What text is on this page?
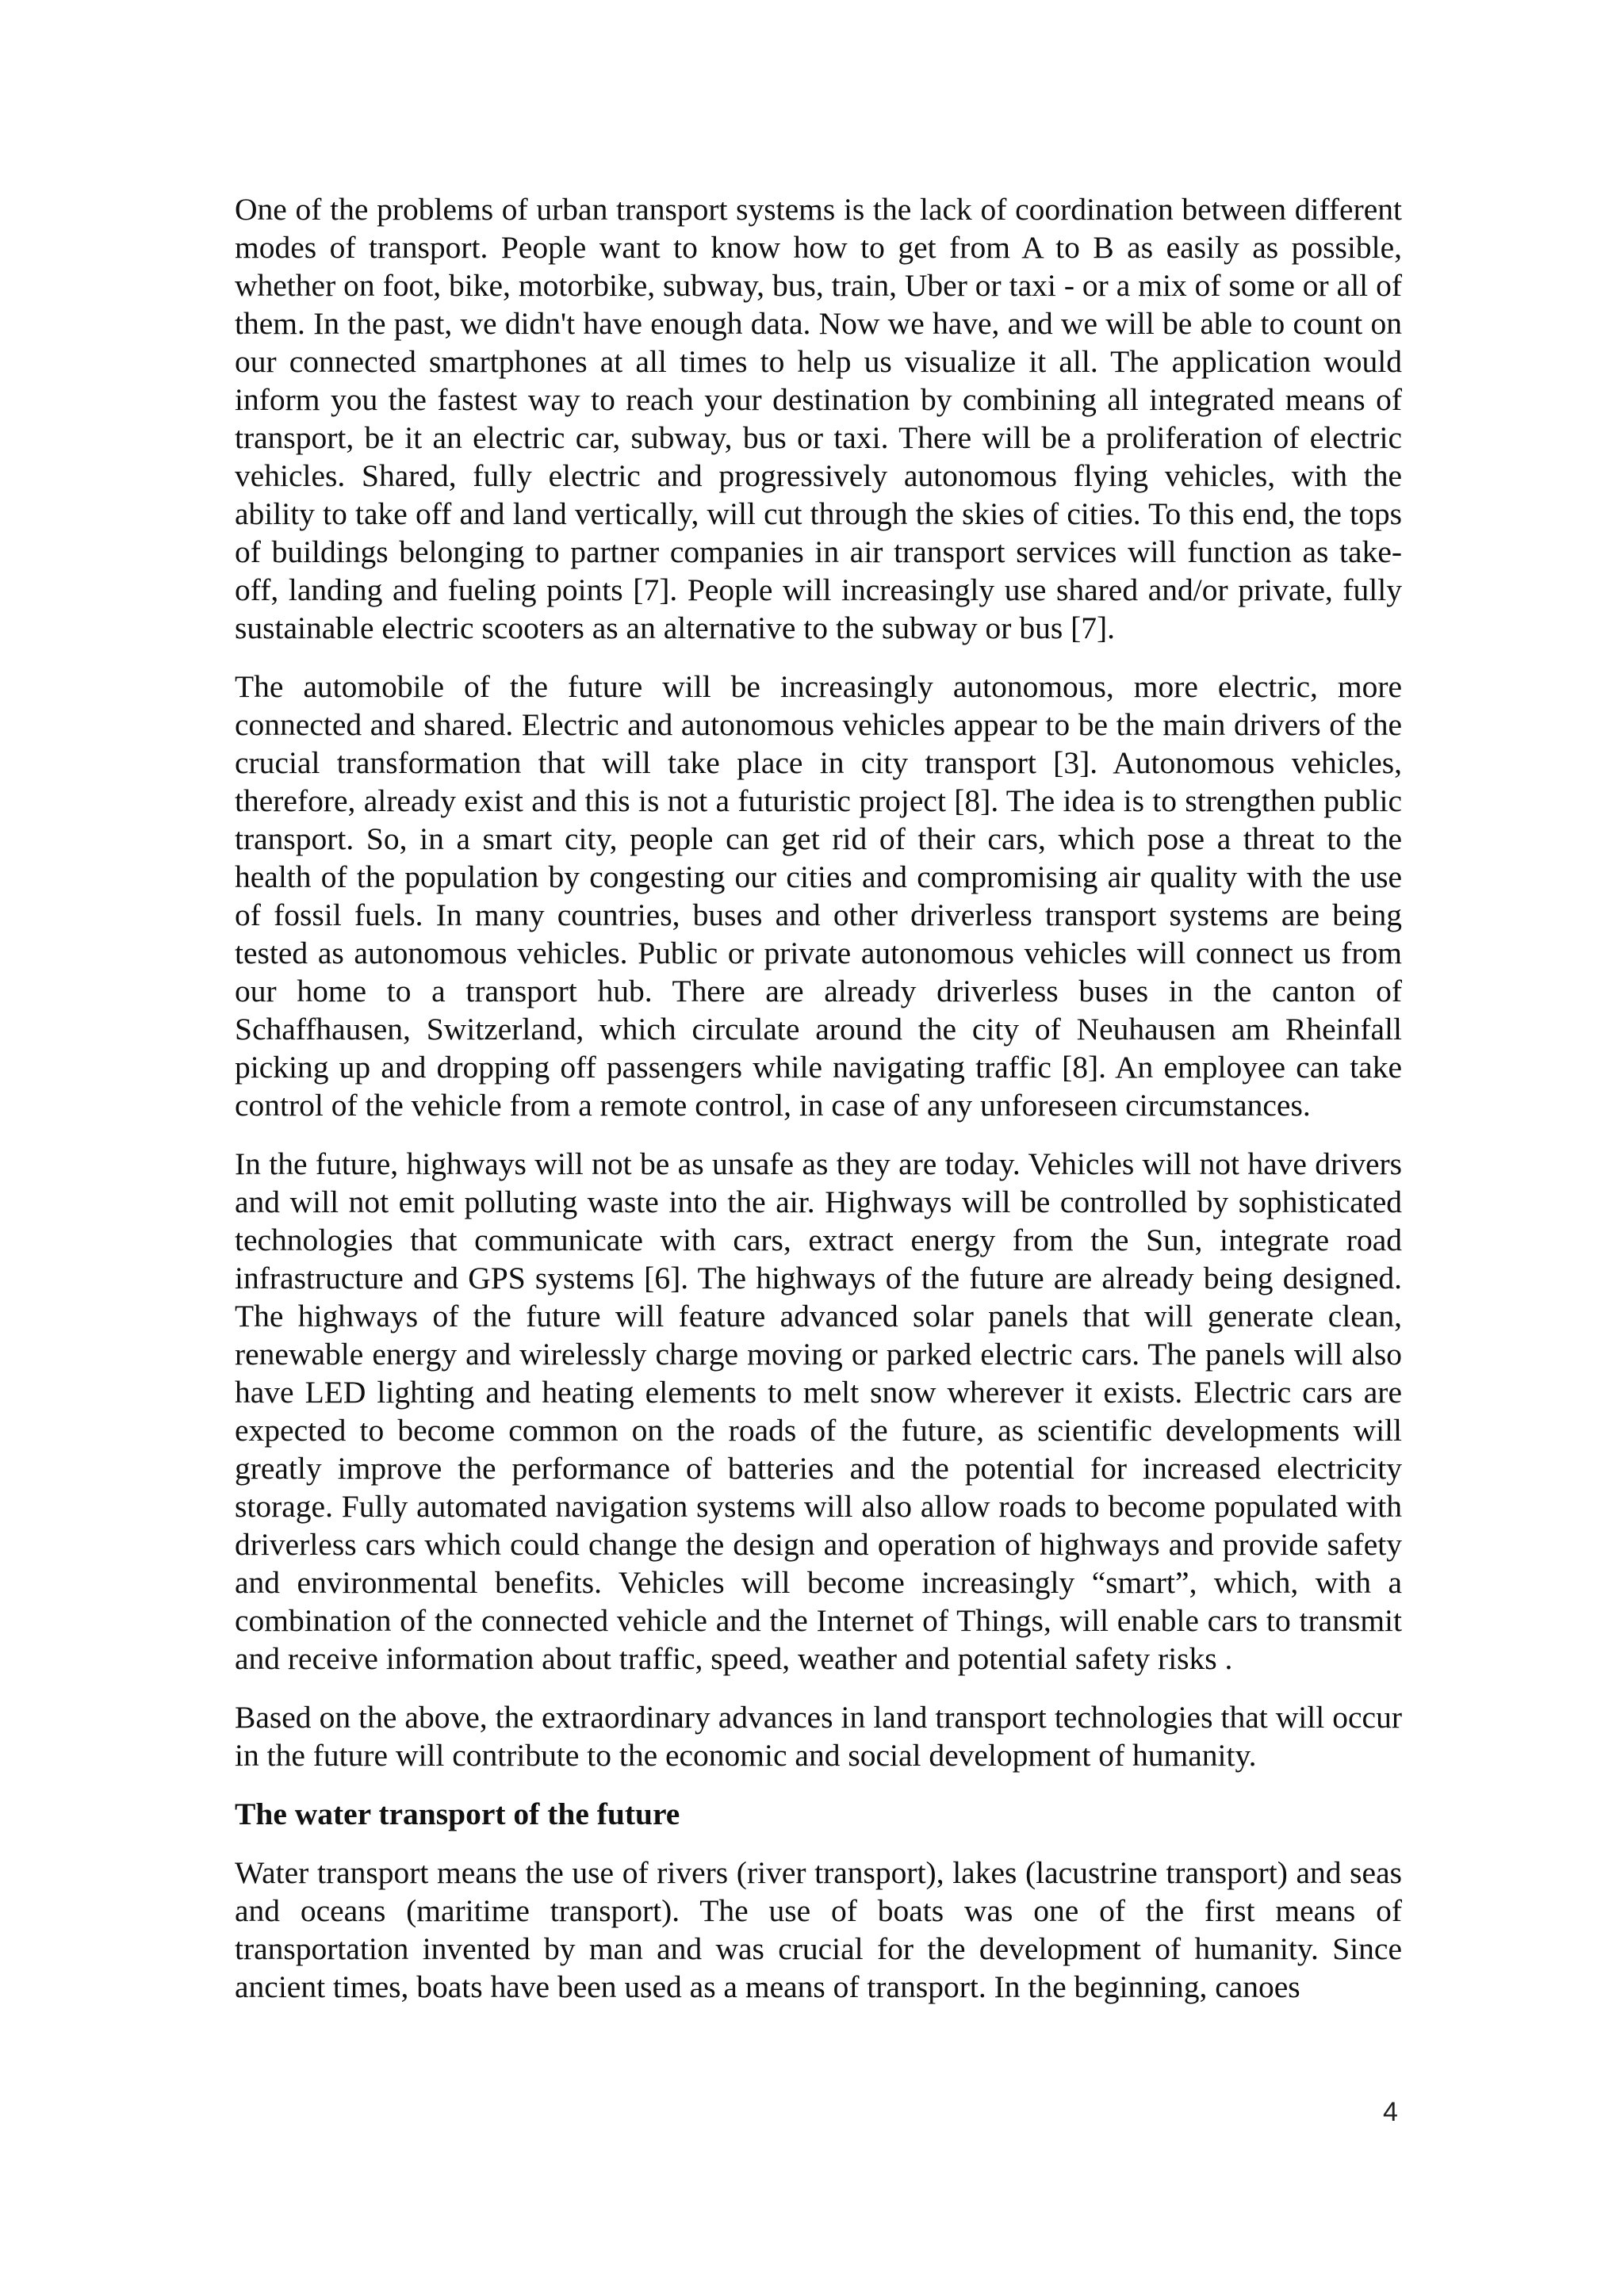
One of the problems of urban transport systems is the lack of coordination between different modes of transport. People want to know how to get from A to B as easily as possible, whether on foot, bike, motorbike, subway, bus, train, Uber or taxi - or a mix of some or all of them. In the past, we didn't have enough data. Now we have, and we will be able to count on our connected smartphones at all times to help us visualize it all. The application would inform you the fastest way to reach your destination by combining all integrated means of transport, be it an electric car, subway, bus or taxi. There will be a proliferation of electric vehicles. Shared, fully electric and progressively autonomous flying vehicles, with the ability to take off and land vertically, will cut through the skies of cities. To this end, the tops of buildings belonging to partner companies in air transport services will function as take-off, landing and fueling points [7]. People will increasingly use shared and/or private, fully sustainable electric scooters as an alternative to the subway or bus [7].

The automobile of the future will be increasingly autonomous, more electric, more connected and shared. Electric and autonomous vehicles appear to be the main drivers of the crucial transformation that will take place in city transport [3]. Autonomous vehicles, therefore, already exist and this is not a futuristic project [8]. The idea is to strengthen public transport. So, in a smart city, people can get rid of their cars, which pose a threat to the health of the population by congesting our cities and compromising air quality with the use of fossil fuels. In many countries, buses and other driverless transport systems are being tested as autonomous vehicles. Public or private autonomous vehicles will connect us from our home to a transport hub. There are already driverless buses in the canton of Schaffhausen, Switzerland, which circulate around the city of Neuhausen am Rheinfall picking up and dropping off passengers while navigating traffic [8]. An employee can take control of the vehicle from a remote control, in case of any unforeseen circumstances.

In the future, highways will not be as unsafe as they are today. Vehicles will not have drivers and will not emit polluting waste into the air. Highways will be controlled by sophisticated technologies that communicate with cars, extract energy from the Sun, integrate road infrastructure and GPS systems [6]. The highways of the future are already being designed. The highways of the future will feature advanced solar panels that will generate clean, renewable energy and wirelessly charge moving or parked electric cars. The panels will also have LED lighting and heating elements to melt snow wherever it exists. Electric cars are expected to become common on the roads of the future, as scientific developments will greatly improve the performance of batteries and the potential for increased electricity storage. Fully automated navigation systems will also allow roads to become populated with driverless cars which could change the design and operation of highways and provide safety and environmental benefits. Vehicles will become increasingly “smart”, which, with a combination of the connected vehicle and the Internet of Things, will enable cars to transmit and receive information about traffic, speed, weather and potential safety risks .

Based on the above, the extraordinary advances in land transport technologies that will occur in the future will contribute to the economic and social development of humanity.

The water transport of the future

Water transport means the use of rivers (river transport), lakes (lacustrine transport) and seas and oceans (maritime transport). The use of boats was one of the first means of transportation invented by man and was crucial for the development of humanity. Since ancient times, boats have been used as a means of transport. In the beginning, canoes

4
